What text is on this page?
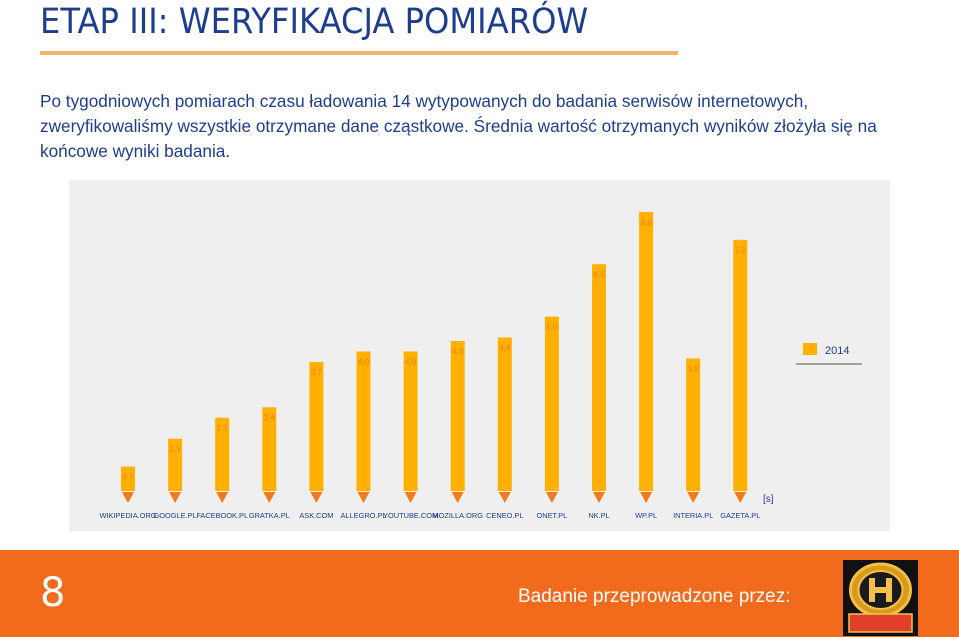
ETAP III: WERYFIKACJA POMIARÓW
Po tygodniowych pomiarach czasu ładowania 14 wytypowanych do badania serwisów internetowych, zweryfikowaliśmy wszystkie otrzymane dane cząstkowe. Średnia wartość otrzymanych wyników złożyła się na końcowe wyniki badania.
0,7
WIKIPEDIA.ORG
1,5
GOOGLE.PL
2,1
FACEBOOK.PL
2,4
GRATKA.PL
3,7
ASK.COM
4,0
ALLEGRO.PL
4,0
YOUTUBE.COM
4,3
MOZILLA.ORG
4,4
CENEO.PL
5,0
ONET.PL
6,5
NK.PL
8,0
WP.PL
3,8
INTERIA.PL
7,2
GAZETA.PL
[s]
2014
8	Badanie przeprowadzone przez:
